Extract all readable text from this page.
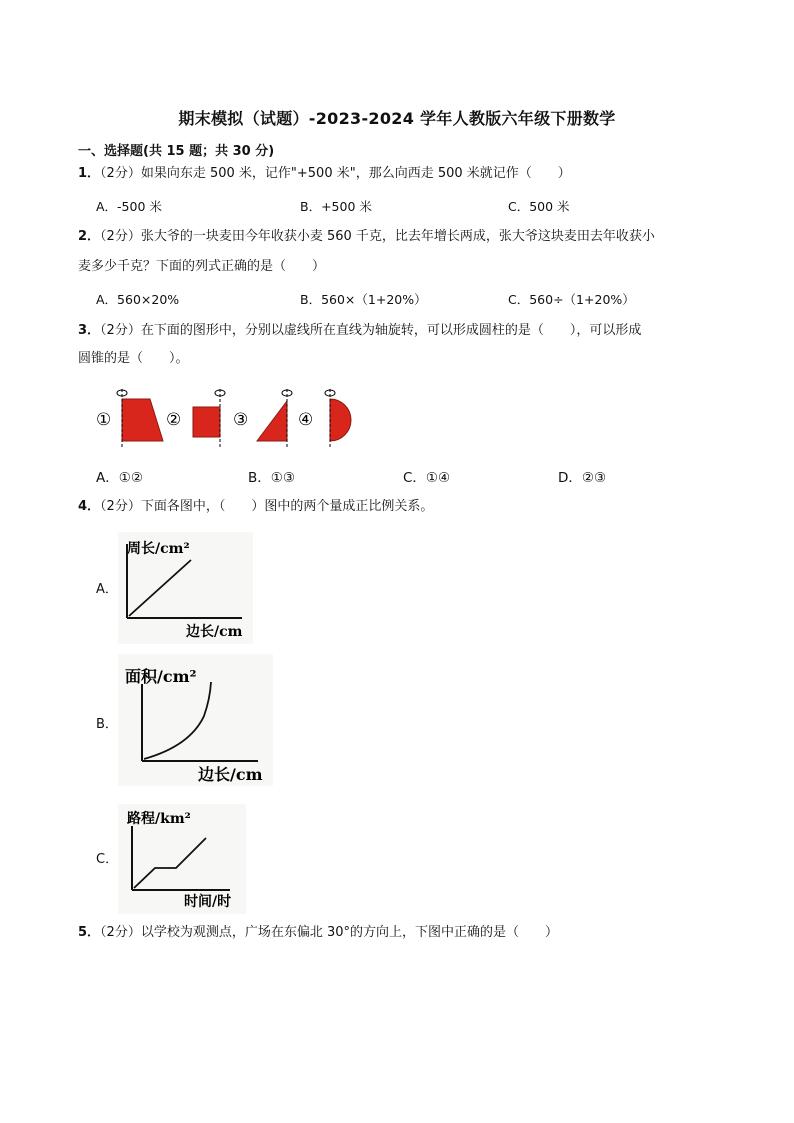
期末模拟（试题）-2023-2024 学年人教版六年级下册数学
一、选择题(共 15 题；共 30 分)
1．（2分）如果向东走 500 米，记作"+500 米"，那么向西走 500 米就记作（　　）
A．-500 米	B．+500 米	C．500 米
2．（2分）张大爷的一块麦田今年收获小麦 560 千克，比去年增长两成，张大爷这块麦田去年收获小
麦多少千克？下面的列式正确的是（　　）
A．560×20%	B．560×（1+20%）	C．560÷（1+20%）
3．（2分）在下面的图形中，分别以虚线所在直线为轴旋转，可以形成圆柱的是（　　），可以形成
圆锥的是（　　）。
①	②	③	④
A．①②	B．①③	C．①④	D．②③
4．（2分）下面各图中，（　　）图中的两个量成正比例关系。
A．
周长/cm²
边长/cm
B．
面积/cm²
边长/cm
C．
路程/km²
时间/时
5．（2分）以学校为观测点，广场在东偏北 30°的方向上，下图中正确的是（　　）
